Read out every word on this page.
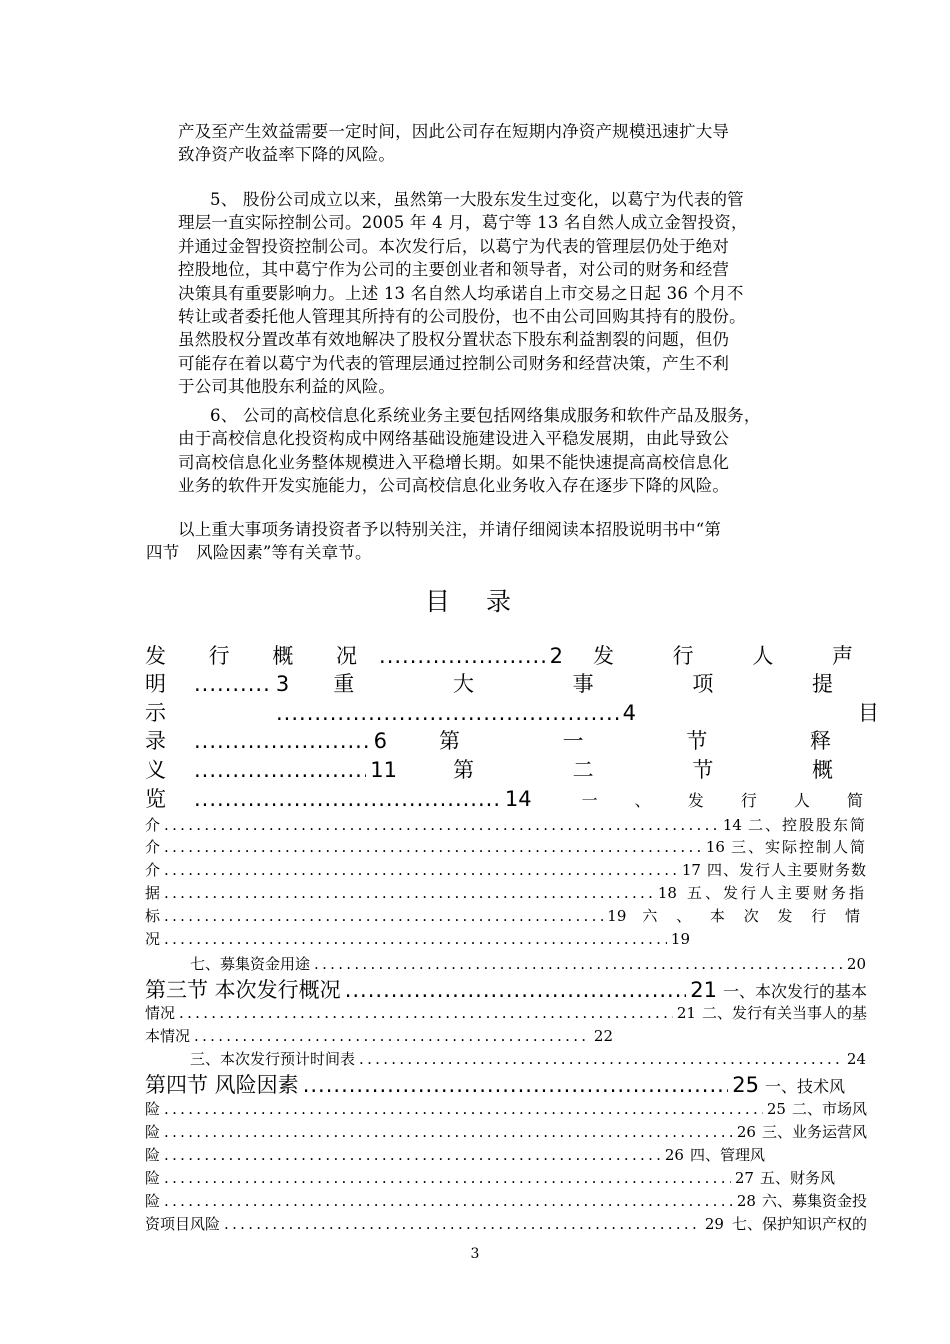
产及至产生效益需要一定时间，因此公司存在短期内净资产规模迅速扩大导
致净资产收益率下降的风险。
5、 股份公司成立以来，虽然第一大股东发生过变化，以葛宁为代表的管
理层一直实际控制公司。2005 年 4 月，葛宁等 13 名自然人成立金智投资，
并通过金智投资控制公司。本次发行后，以葛宁为代表的管理层仍处于绝对
控股地位，其中葛宁作为公司的主要创业者和领导者，对公司的财务和经营
决策具有重要影响力。上述 13 名自然人均承诺自上市交易之日起 36 个月不
转让或者委托他人管理其所持有的公司股份，也不由公司回购其持有的股份。
虽然股权分置改革有效地解决了股权分置状态下股东利益割裂的问题，但仍
可能存在着以葛宁为代表的管理层通过控制公司财务和经营决策，产生不利
于公司其他股东利益的风险。
6、 公司的高校信息化系统业务主要包括网络集成服务和软件产品及服务，
由于高校信息化投资构成中网络基础设施建设进入平稳发展期，由此导致公
司高校信息化业务整体规模进入平稳增长期。如果不能快速提高高校信息化
业务的软件开发实施能力，公司高校信息化业务收入存在逐步下降的风险。
以上重大事项务请投资者予以特别关注，并请仔细阅读本招股说明书中“第
四节　风险因素”等有关章节。
目 录
发 行 概 况 .....	2 发 行 人 声
明 .....	3 重 大 事 项 提
示 .....	4	目
录 .....	6 第 一 节 释
义 .....	11	第 二 节 概
览 .....	14	一 、 发 行 人 简
介 .....	14 二、控股股东简
介 .....	16 三、实际控制人简
介 .....	17 四、发行人主要财务数
据 .....	18 五、发行人主要财务指
标 .....	19 六 、 本 次 发 行 情
况 .....	19
七、募集资金用途 .....	20
第三节 本次发行概况 .....	21 一、本次发行的基本
情况 .....	21 二、发行有关当事人的基
本情况 .....	22
三、本次发行预计时间表 .....	24
第四节 风险因素 .....	25 一、技术风
险 .....	25 二、市场风
险 .....	26 三、业务运营风
险 .....	26 四、管理风
险 .....	27 五、财务风
险 .....	28 六、募集资金投
资项目风险 .....	29 七、保护知识产权的
3
